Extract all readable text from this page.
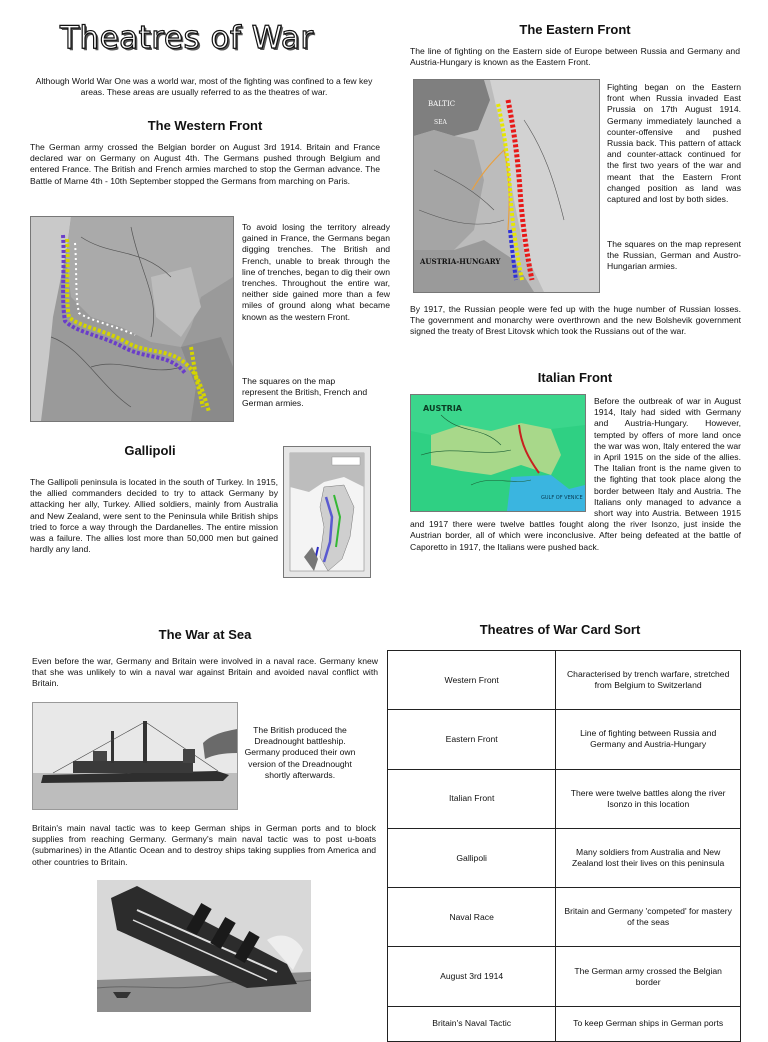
Theatres of War

Although World War One was a world war, most of the fighting was confined to a few key areas. These areas are usually referred to as the theatres of war.

The Western Front

The German army crossed the Belgian border on August 3rd 1914. Britain and France declared war on Germany on August 4th. The Germans pushed through Belgium and entered France. The British and French armies marched to stop the German advance. The Battle of Marne 4th - 10th September stopped the Germans from marching on Paris.

To avoid losing the territory already gained in France, the Germans began digging trenches. The British and French, unable to break through the line of trenches, began to dig their own trenches. Throughout the entire war, neither side gained more than a few miles of ground along what became known as the western Front.

The squares on the map represent the British, French and German armies.

Gallipoli

The Gallipoli peninsula is located in the south of Turkey. In 1915, the allied commanders decided to try to attack Germany by attacking her ally, Turkey. Allied soldiers, mainly from Australia and New Zealand, were sent to the Peninsula while British ships tried to force a way through the Dardanelles. The entire mission was a failure. The allies lost more than 50,000 men but gained hardly any land.

The Eastern Front

The line of fighting on the Eastern side of Europe between Russia and Germany and Austria-Hungary is known as the Eastern Front.

BALTIC
SEA
AUSTRIA-HUNGARY

Fighting began on the Eastern front when Russia invaded East Prussia on 17th August 1914. Germany immediately launched a counter-offensive and pushed Russia back. This pattern of attack and counter-attack continued for the first two years of the war and meant that the Eastern Front changed position as land was captured and lost by both sides.

The squares on the map represent the Russian, German and Austro-Hungarian armies.

By 1917, the Russian people were fed up with the huge number of Russian losses. The government and monarchy were overthrown and the new Bolshevik government signed the treaty of Brest Litovsk which took the Russians out of the war.

Italian Front
AUSTRIA
GULF OF VENICE

Before the outbreak of war in August 1914, Italy had sided with Germany and Austria-Hungary. However, tempted by offers of more land once the war was won, Italy entered the war in April 1915 on the side of the allies. The Italian front is the name given to the fighting that took place along the border between Italy and Austria. The Italians only managed to advance a short way into Austria. Between 1915 and 1917 there were twelve battles fought along the river Isonzo, just inside the Austrian border, all of which were inconclusive. After being defeated at the battle of Caporetto in 1917, the Italians were pushed back.

The War at Sea

Even before the war, Germany and Britain were involved in a naval race. Germany knew that she was unlikely to win a naval war against Britain and avoided naval conflict with Britain.

The British produced the Dreadnought battleship. Germany produced their own version of the Dreadnought shortly afterwards.

Britain's main naval tactic was to keep German ships in German ports and to block supplies from reaching Germany. Germany's main naval tactic was to post u-boats (submarines) in the Atlantic Ocean and to destroy ships taking supplies from America and other countries to Britain.

Theatres of War Card Sort
Western Front	Characterised by trench warfare, stretched from Belgium to Switzerland
Eastern Front	Line of fighting between Russia and Germany and Austria-Hungary
Italian Front	There were twelve battles along the river Isonzo in this location
Gallipoli	Many soldiers from Australia and New Zealand lost their lives on this peninsula
Naval Race	Britain and Germany 'competed' for mastery of the seas
August 3rd 1914	The German army crossed the Belgian border
Britain's Naval Tactic	To keep German ships in German ports
